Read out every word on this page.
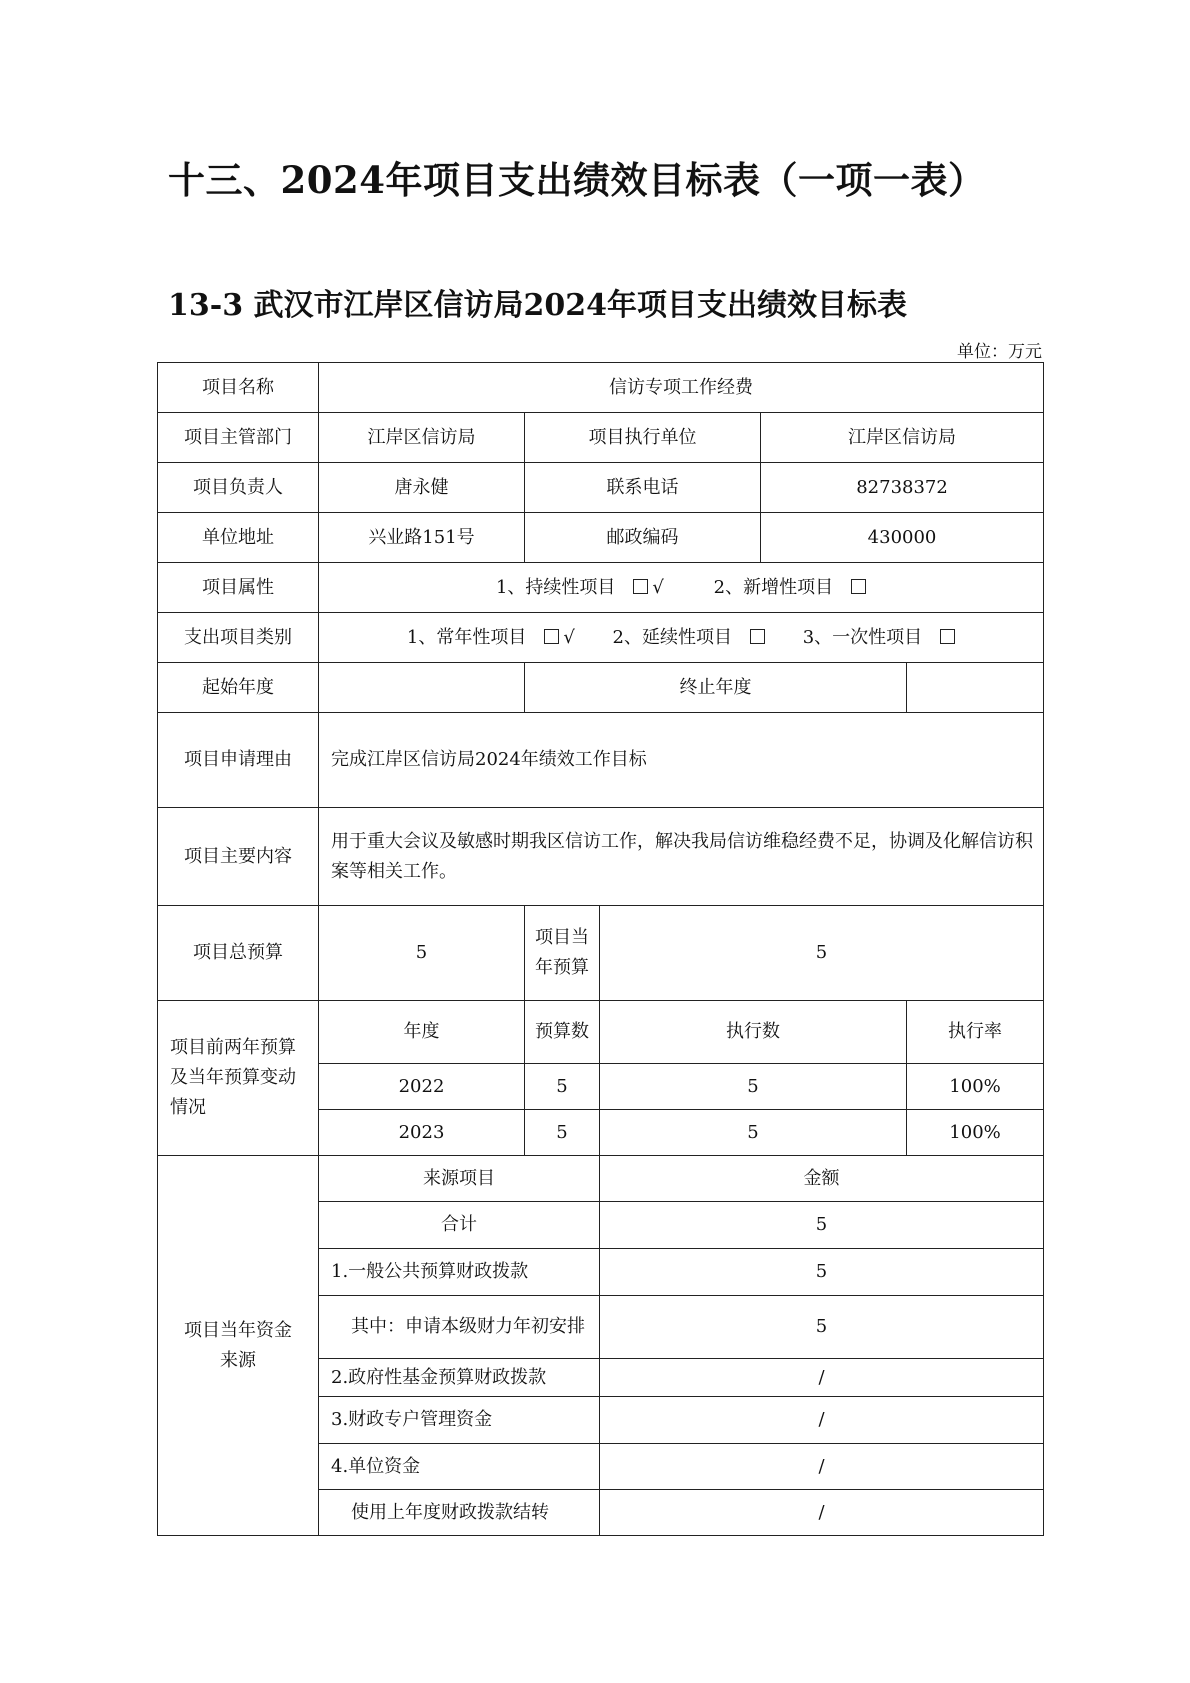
十三、2024年项目支出绩效目标表（一项一表）
13-3 武汉市江岸区信访局2024年项目支出绩效目标表
单位：万元
项目名称	信访专项工作经费				
项目主管部门	江岸区信访局	项目执行单位		江岸区信访局	
项目负责人	唐永健	联系电话		82738372	
单位地址	兴业路151号	邮政编码		430000	
项目属性	1、持续性项目 √ 2、新增性项目				
支出项目类别	1、常年性项目 √ 2、延续性项目 3、一次性项目				
起始年度		终止年度			
项目申请理由	完成江岸区信访局2024年绩效工作目标				
项目主要内容	用于重大会议及敏感时期我区信访工作，解决我局信访维稳经费不足，协调及化解信访积案等相关工作。				
项目总预算	5	项目当年预算	5		
项目前两年预算及当年预算变动情况	年度	预算数	执行数		执行率
	2022	5	5		100%
	2023	5	5		100%
项目当年资金来源	来源项目		金额		
	合计		5		
	1.一般公共预算财政拨款		5		
	其中：申请本级财力年初安排		5		
	2.政府性基金预算财政拨款		/		
	3.财政专户管理资金		/		
	4.单位资金		/		
	使用上年度财政拨款结转		/		
